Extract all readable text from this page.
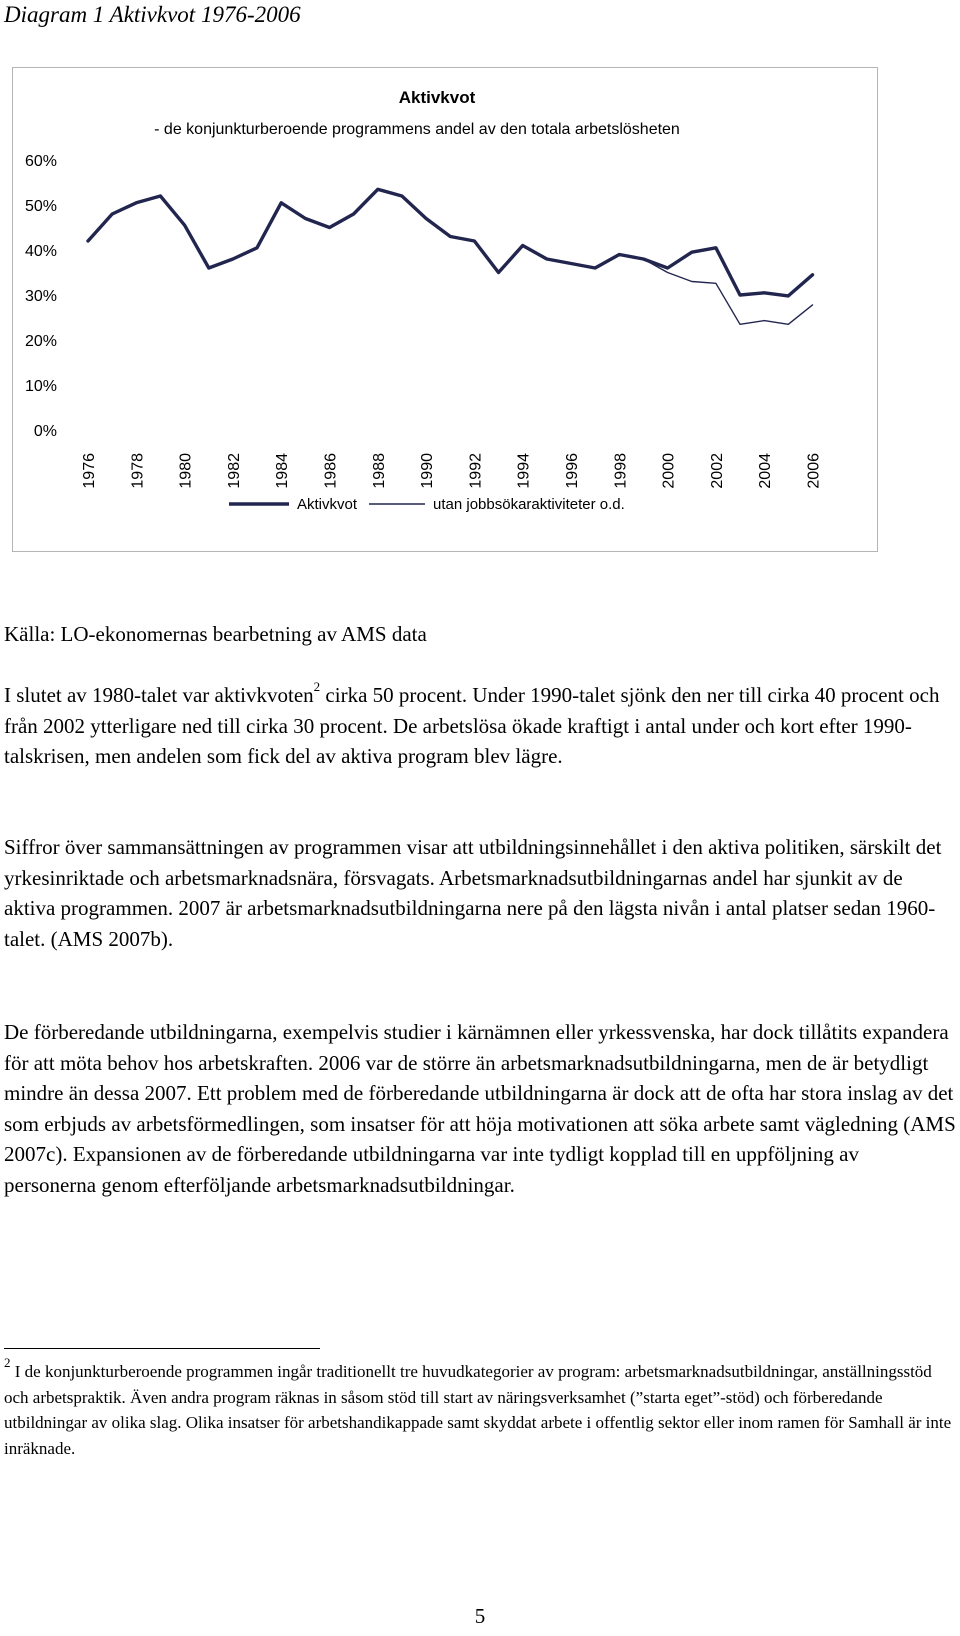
Diagram 1 Aktivkvot 1976-2006
Aktivkvot
- de konjunkturberoende programmens andel av den totala arbetslösheten
0%
10%
20%
30%
40%
50%
60%
1976 1978 1980 1982 1984 1986 1988 1990 1992 1994 1996 1998 2000 2002 2004 2006
Aktivkvot	utan jobbsökaraktiviteter o.d.
Källa: LO-ekonomernas bearbetning av AMS data

I slutet av 1980-talet var aktivkvoten$^2$ cirka 50 procent. Under 1990-talet sjönk den ner till cirka 40 procent och från 2002 ytterligare ned till cirka 30 procent. De arbetslösa ökade kraftigt i antal under och kort efter 1990-talskrisen, men andelen som fick del av aktiva program blev lägre.

Siffror över sammansättningen av programmen visar att utbildningsinnehållet i den aktiva politiken, särskilt det yrkesinriktade och arbetsmarknadsnära, försvagats. Arbetsmarknadsutbildningarnas andel har sjunkit av de aktiva programmen. 2007 är arbetsmarknadsutbildningarna nere på den lägsta nivån i antal platser sedan 1960-talet. (AMS 2007b).

De förberedande utbildningarna, exempelvis studier i kärnämnen eller yrkessvenska, har dock tillåtits expandera för att möta behov hos arbetskraften. 2006 var de större än arbetsmarknadsutbildningarna, men de är betydligt mindre än dessa 2007. Ett problem med de förberedande utbildningarna är dock att de ofta har stora inslag av det som erbjuds av arbetsförmedlingen, som insatser för att höja motivationen att söka arbete samt vägledning (AMS 2007c). Expansionen av de förberedande utbildningarna var inte tydligt kopplad till en uppföljning av personerna genom efterföljande arbetsmarknadsutbildningar.

$^2$ I de konjunkturberoende programmen ingår traditionellt tre huvudkategorier av program: arbetsmarknadsutbildningar, anställningsstöd och arbetspraktik. Även andra program räknas in såsom stöd till start av näringsverksamhet (”starta eget”-stöd) och förberedande utbildningar av olika slag. Olika insatser för arbetshandikappade samt skyddat arbete i offentlig sektor eller inom ramen för Samhall är inte inräknade.

5
